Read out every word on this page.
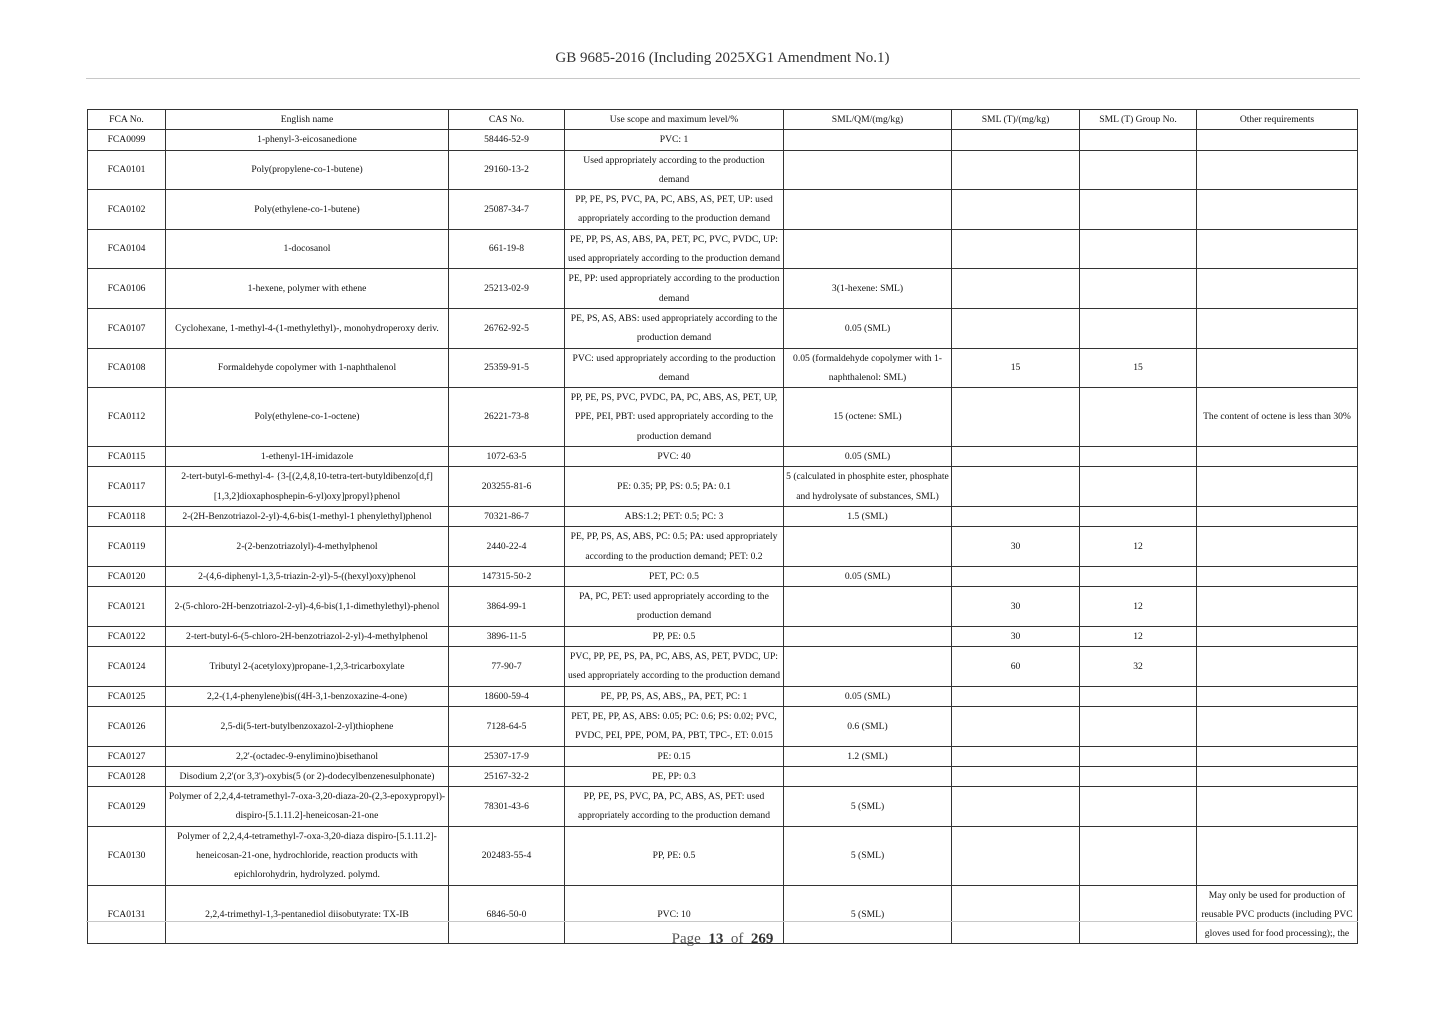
GB 9685-2016 (Including 2025XG1 Amendment No.1)
FCA No.	English name	CAS No.	Use scope and maximum level/%	SML/QM/(mg/kg)	SML (T)/(mg/kg)	SML (T) Group No.	Other requirements
FCA0099	1-phenyl-3-eicosanedione	58446-52-9	PVC: 1				
FCA0101	Poly(propylene-co-1-butene)	29160-13-2	Used appropriately according to the production demand				
FCA0102	Poly(ethylene-co-1-butene)	25087-34-7	PP, PE, PS, PVC, PA, PC, ABS, AS, PET, UP: used appropriately according to the production demand				
FCA0104	1-docosanol	661-19-8	PE, PP, PS, AS, ABS, PA, PET, PC, PVC, PVDC, UP: used appropriately according to the production demand				
FCA0106	1-hexene, polymer with ethene	25213-02-9	PE, PP: used appropriately according to the production demand	3(1-hexene: SML)			
FCA0107	Cyclohexane, 1-methyl-4-(1-methylethyl)-, monohydroperoxy deriv.	26762-92-5	PE, PS, AS, ABS: used appropriately according to the production demand	0.05 (SML)			
FCA0108	Formaldehyde copolymer with 1-naphthalenol	25359-91-5	PVC: used appropriately according to the production demand	0.05 (formaldehyde copolymer with 1-naphthalenol: SML)	15	15	
FCA0112	Poly(ethylene-co-1-octene)	26221-73-8	PP, PE, PS, PVC, PVDC, PA, PC, ABS, AS, PET, UP, PPE, PEI, PBT: used appropriately according to the production demand	15 (octene: SML)			The content of octene is less than 30%
FCA0115	1-ethenyl-1H-imidazole	1072-63-5	PVC: 40	0.05 (SML)			
FCA0117	2-tert-butyl-6-methyl-4- {3-[(2,4,8,10-tetra-tert-butyldibenzo[d,f][1,3,2]dioxaphosphepin-6-yl)oxy]propyl}phenol	203255-81-6	PE: 0.35; PP, PS: 0.5; PA: 0.1	5 (calculated in phosphite ester, phosphate and hydrolysate of substances, SML)			
FCA0118	2-(2H-Benzotriazol-2-yl)-4,6-bis(1-methyl-1 phenylethyl)phenol	70321-86-7	ABS:1.2; PET: 0.5; PC: 3	1.5 (SML)			
FCA0119	2-(2-benzotriazolyl)-4-methylphenol	2440-22-4	PE, PP, PS, AS, ABS, PC: 0.5; PA: used appropriately according to the production demand; PET: 0.2		30	12	
FCA0120	2-(4,6-diphenyl-1,3,5-triazin-2-yl)-5-((hexyl)oxy)phenol	147315-50-2	PET, PC: 0.5	0.05 (SML)			
FCA0121	2-(5-chloro-2H-benzotriazol-2-yl)-4,6-bis(1,1-dimethylethyl)-phenol	3864-99-1	PA, PC, PET: used appropriately according to the production demand		30	12	
FCA0122	2-tert-butyl-6-(5-chloro-2H-benzotriazol-2-yl)-4-methylphenol	3896-11-5	PP, PE: 0.5		30	12	
FCA0124	Tributyl 2-(acetyloxy)propane-1,2,3-tricarboxylate	77-90-7	PVC, PP, PE, PS, PA, PC, ABS, AS, PET, PVDC, UP: used appropriately according to the production demand		60	32	
FCA0125	2,2-(1,4-phenylene)bis((4H-3,1-benzoxazine-4-one)	18600-59-4	PE, PP, PS, AS, ABS,, PA, PET, PC: 1	0.05 (SML)			
FCA0126	2,5-di(5-tert-butylbenzoxazol-2-yl)thiophene	7128-64-5	PET, PE, PP, AS, ABS: 0.05; PC: 0.6; PS: 0.02; PVC, PVDC, PEI, PPE, POM, PA, PBT, TPC-, ET: 0.015	0.6 (SML)			
FCA0127	2,2'-(octadec-9-enylimino)bisethanol	25307-17-9	PE: 0.15	1.2 (SML)			
FCA0128	Disodium 2,2'(or 3,3')-oxybis(5 (or 2)-dodecylbenzenesulphonate)	25167-32-2	PE, PP: 0.3				
FCA0129	Polymer of 2,2,4,4-tetramethyl-7-oxa-3,20-diaza-20-(2,3-epoxypropyl)-dispiro-[5.1.11.2]-heneicosan-21-one	78301-43-6	PP, PE, PS, PVC, PA, PC, ABS, AS, PET: used appropriately according to the production demand	5 (SML)			
FCA0130	Polymer of 2,2,4,4-tetramethyl-7-oxa-3,20-diaza dispiro-[5.1.11.2]-heneicosan-21-one, hydrochloride, reaction products with epichlorohydrin, hydrolyzed. polymd.	202483-55-4	PP, PE: 0.5	5 (SML)			
FCA0131	2,2,4-trimethyl-1,3-pentanediol diisobutyrate: TX-IB	6846-50-0	PVC: 10	5 (SML)			May only be used for production of reusable PVC products (including PVC gloves used for food processing);, the
Page 13 of 269
